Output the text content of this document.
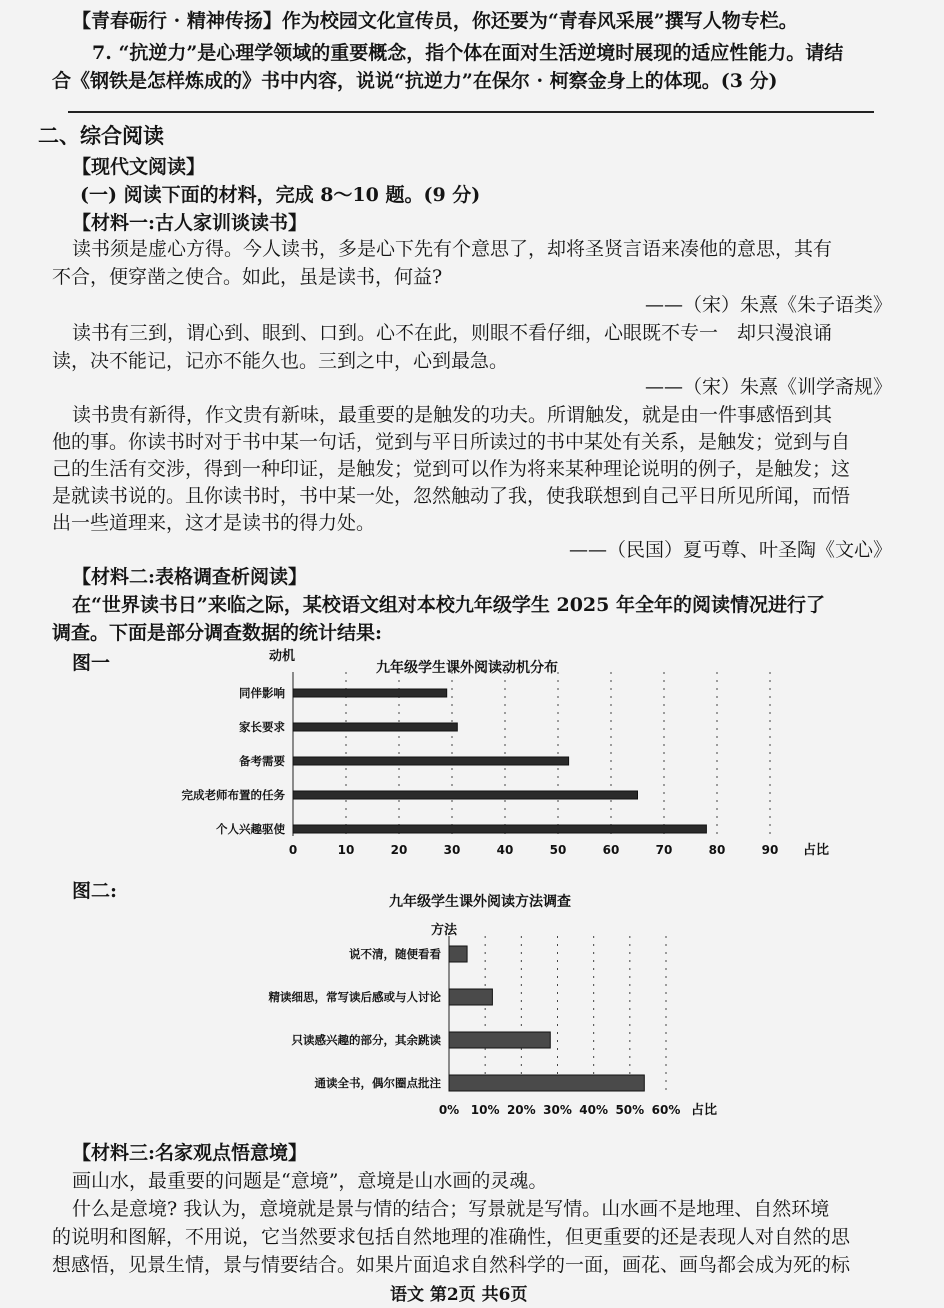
【青春砺行 · 精神传扬】作为校园文化宣传员，你还要为“青春风采展”撰写人物专栏。
7. “抗逆力”是心理学领域的重要概念，指个体在面对生活逆境时展现的适应性能力。请结
合《钢铁是怎样炼成的》书中内容，说说“抗逆力”在保尔 · 柯察金身上的体现。(3 分)
二、综合阅读
【现代文阅读】
(一) 阅读下面的材料，完成 8～10 题。(9 分)
【材料一:古人家训谈读书】
读书须是虚心方得。今人读书，多是心下先有个意思了，却将圣贤言语来凑他的意思，其有
不合，便穿凿之使合。如此，虽是读书，何益?
——（宋）朱熹《朱子语类》
读书有三到，谓心到、眼到、口到。心不在此，则眼不看仔细，心眼既不专一　却只漫浪诵
读，决不能记，记亦不能久也。三到之中，心到最急。
——（宋）朱熹《训学斋规》
读书贵有新得，作文贵有新味，最重要的是触发的功夫。所谓触发，就是由一件事感悟到其
他的事。你读书时对于书中某一句话，觉到与平日所读过的书中某处有关系，是触发；觉到与自
己的生活有交涉，得到一种印证，是触发；觉到可以作为将来某种理论说明的例子，是触发；这
是就读书说的。且你读书时，书中某一处，忽然触动了我，使我联想到自己平日所见所闻，而悟
出一些道理来，这才是读书的得力处。
——（民国）夏丏尊、叶圣陶《文心》
【材料二:表格调查析阅读】
在“世界读书日”来临之际，某校语文组对本校九年级学生 2025 年全年的阅读情况进行了
调查。下面是部分调查数据的统计结果:
图一	九年级学生课外阅读动机分布
动机
占比
0	10	20	30	40	50	60	70	80	90
同伴影响
家长要求
备考需要
完成老师布置的任务
个人兴趣驱使
图二:	九年级学生课外阅读方法调查
方法
占比
0% 10% 20% 30% 40% 50% 60%
说不清，随便看看
精读细思，常写读后感或与人讨论
只读感兴趣的部分，其余跳读
通读全书，偶尔圈点批注
【材料三:名家观点悟意境】
画山水，最重要的问题是“意境”，意境是山水画的灵魂。
什么是意境? 我认为，意境就是景与情的结合；写景就是写情。山水画不是地理、自然环境
的说明和图解，不用说，它当然要求包括自然地理的准确性，但更重要的还是表现人对自然的思
想感悟，见景生情，景与情要结合。如果片面追求自然科学的一面，画花、画鸟都会成为死的标
语文 第2页 共6页
